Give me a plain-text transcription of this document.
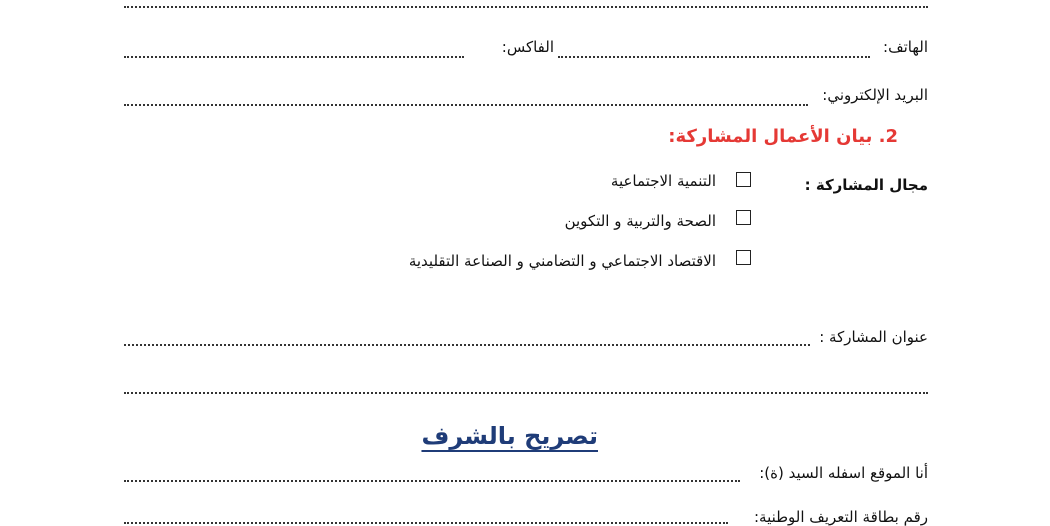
الهاتف:
الفاكس:
البريد الإلكتروني:
2. بيان الأعمال المشاركة:
مجال المشاركة :
التنمية الاجتماعية
الصحة والتربية و التكوين
الاقتصاد الاجتماعي و التضامني و الصناعة التقليدية
عنوان المشاركة :
تصريح بالشرف
أنا الموقع اسفله السيد (ة):
رقم بطاقة التعريف الوطنية:
